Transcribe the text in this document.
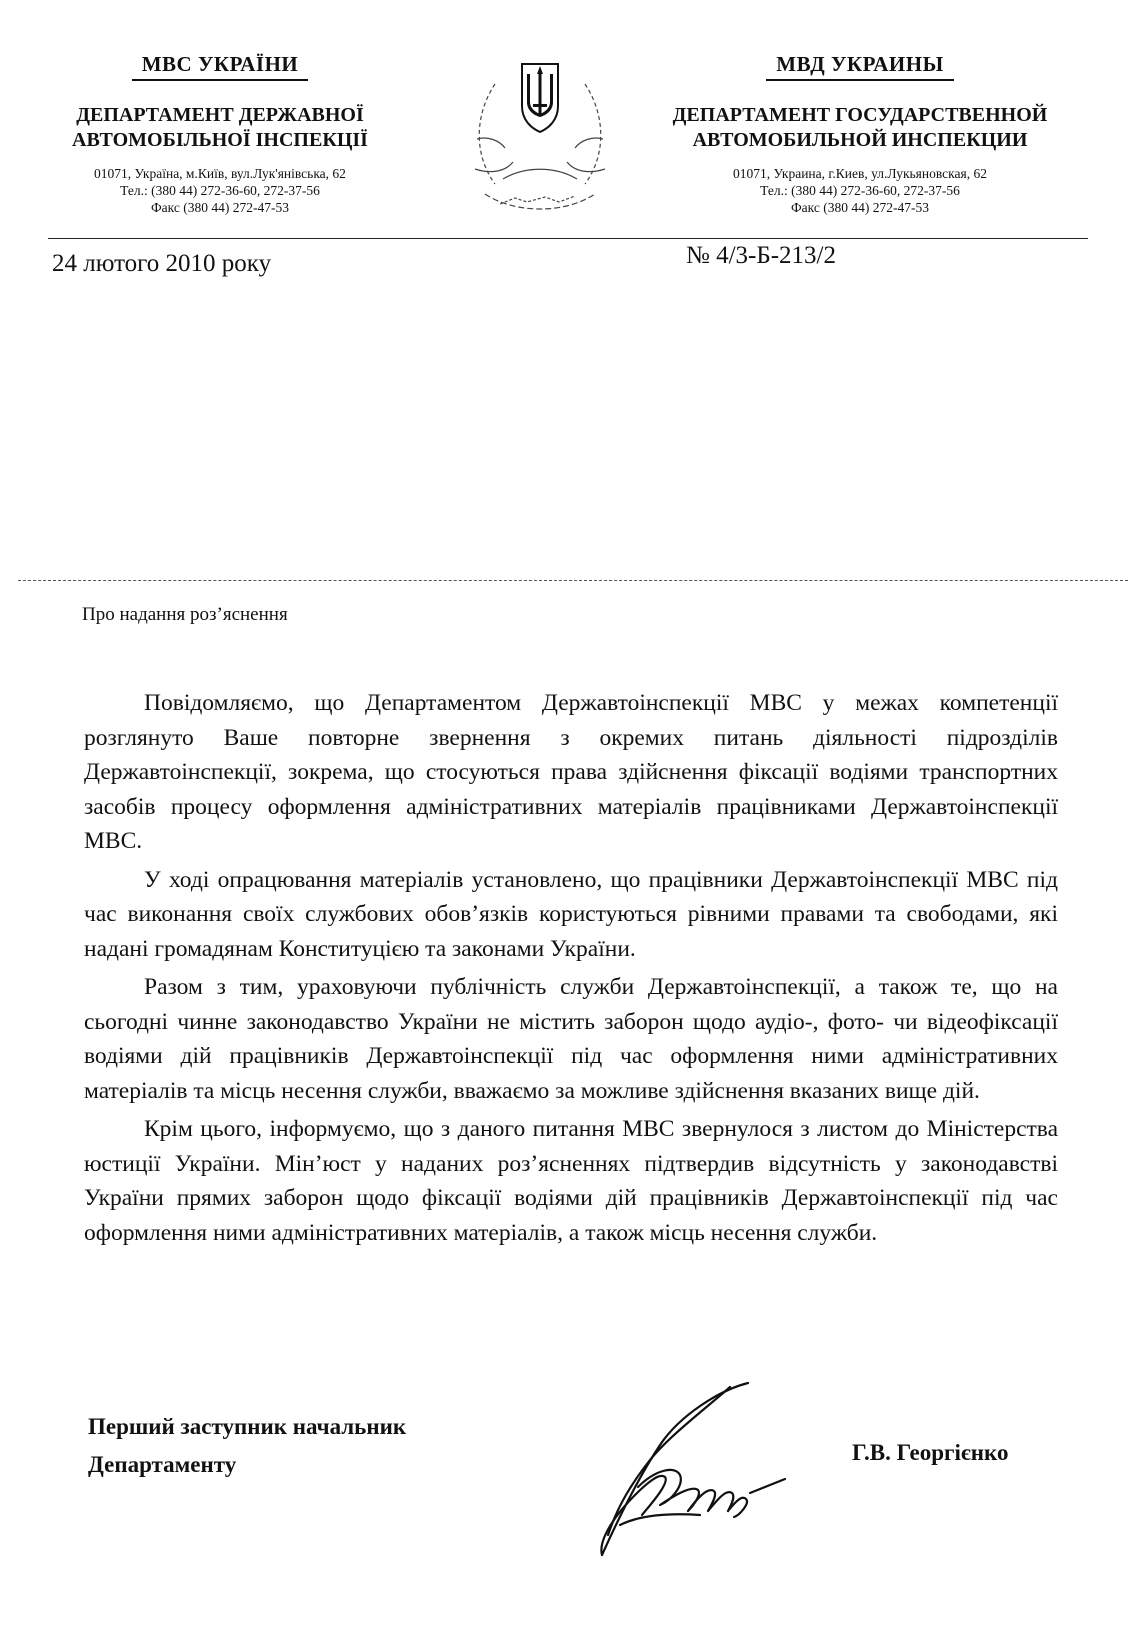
МВС УКРАЇНИ
ДЕПАРТАМЕНТ ДЕРЖАВНОЇ
АВТОМОБІЛЬНОЇ ІНСПЕКЦІЇ
01071, Україна, м.Київ, вул.Лук'янівська, 62
Тел.: (380 44) 272-36-60, 272-37-56
Факс (380 44) 272-47-53
МВД УКРАИНЫ
ДЕПАРТАМЕНТ ГОСУДАРСТВЕННОЙ
АВТОМОБИЛЬНОЙ ИНСПЕКЦИИ
01071, Украина, г.Киев, ул.Лукьяновская, 62
Тел.: (380 44) 272-36-60, 272-37-56
Факс (380 44) 272-47-53
24 лютого 2010 року	№ 4/3-Б-213/2
Про надання роз’яснення

Повідомляємо, що Департаментом Державтоінспекції МВС у межах компетенції розглянуто Ваше повторне звернення з окремих питань діяльності підрозділів Державтоінспекції, зокрема, що стосуються права здійснення фіксації водіями транспортних засобів процесу оформлення адміністративних матеріалів працівниками Державтоінспекції МВС.

У ході опрацювання матеріалів установлено, що працівники Державтоінспекції МВС під час виконання своїх службових обов’язків користуються рівними правами та свободами, які надані громадянам Конституцією та законами України.

Разом з тим, ураховуючи публічність служби Державтоінспекції, а також те, що на сьогодні чинне законодавство України не містить заборон щодо аудіо-, фото- чи відеофіксації водіями дій працівників Державтоінспекції під час оформлення ними адміністративних матеріалів та місць несення служби, вважаємо за можливе здійснення вказаних вище дій.

Крім цього, інформуємо, що з даного питання МВС звернулося з листом до Міністерства юстиції України. Мін’юст у наданих роз’ясненнях підтвердив відсутність у законодавстві України прямих заборон щодо фіксації водіями дій працівників Державтоінспекції під час оформлення ними адміністративних матеріалів, а також місць несення служби.

Перший заступник начальник
Департаменту	Г.В. Георгієнко
